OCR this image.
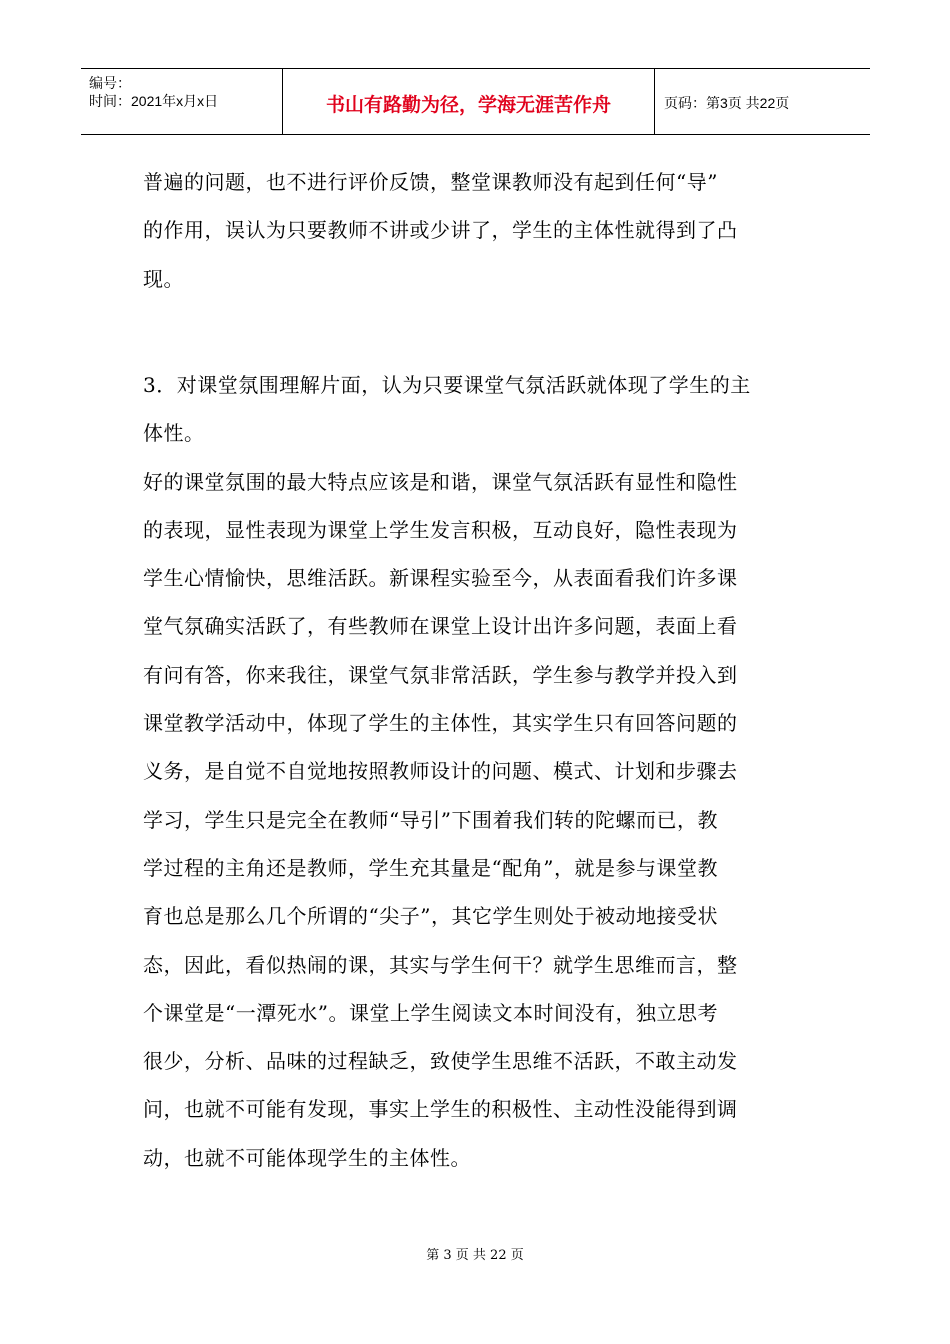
编号：
时间：2021年x月x日	书山有路勤为径，学海无涯苦作舟	页码：第3页 共22页
普遍的问题，也不进行评价反馈，整堂课教师没有起到任何“导”
的作用，误认为只要教师不讲或少讲了，学生的主体性就得到了凸
现。
3．对课堂氛围理解片面，认为只要课堂气氛活跃就体现了学生的主
体性。
好的课堂氛围的最大特点应该是和谐，课堂气氛活跃有显性和隐性
的表现，显性表现为课堂上学生发言积极，互动良好，隐性表现为
学生心情愉快，思维活跃。新课程实验至今，从表面看我们许多课
堂气氛确实活跃了，有些教师在课堂上设计出许多问题，表面上看
有问有答，你来我往，课堂气氛非常活跃，学生参与教学并投入到
课堂教学活动中，体现了学生的主体性，其实学生只有回答问题的
义务，是自觉不自觉地按照教师设计的问题、模式、计划和步骤去
学习，学生只是完全在教师“导引”下围着我们转的陀螺而已，教
学过程的主角还是教师，学生充其量是“配角”，就是参与课堂教
育也总是那么几个所谓的“尖子”，其它学生则处于被动地接受状
态，因此，看似热闹的课，其实与学生何干？就学生思维而言，整
个课堂是“一潭死水”。课堂上学生阅读文本时间没有，独立思考
很少，分析、品味的过程缺乏，致使学生思维不活跃，不敢主动发
问，也就不可能有发现，事实上学生的积极性、主动性没能得到调
动，也就不可能体现学生的主体性。
第 3 页 共 22 页
